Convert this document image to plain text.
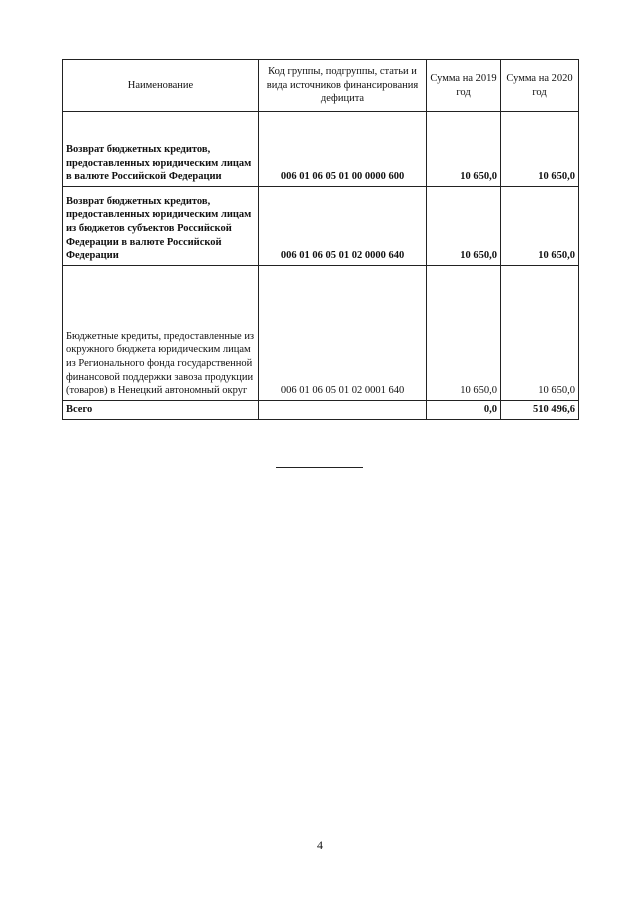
Наименование	Код группы, подгруппы, статьи и вида источников финансирования дефицита	Сумма на 2019 год	Сумма на 2020 год
Возврат бюджетных кредитов, предоставленных юридическим лицам в валюте Российской Федерации	006 01 06 05 01 00 0000 600	10 650,0	10 650,0
Возврат бюджетных кредитов, предоставленных юридическим лицам из бюджетов субъектов Российской Федерации в валюте Российской Федерации	006 01 06 05 01 02 0000 640	10 650,0	10 650,0
Бюджетные кредиты, предоставленные из окружного бюджета юридическим лицам из Регионального фонда государственной финансовой поддержки завоза продукции (товаров) в Ненецкий автономный округ	006 01 06 05 01 02 0001 640	10 650,0	10 650,0
Всего		0,0	510 496,6
4
